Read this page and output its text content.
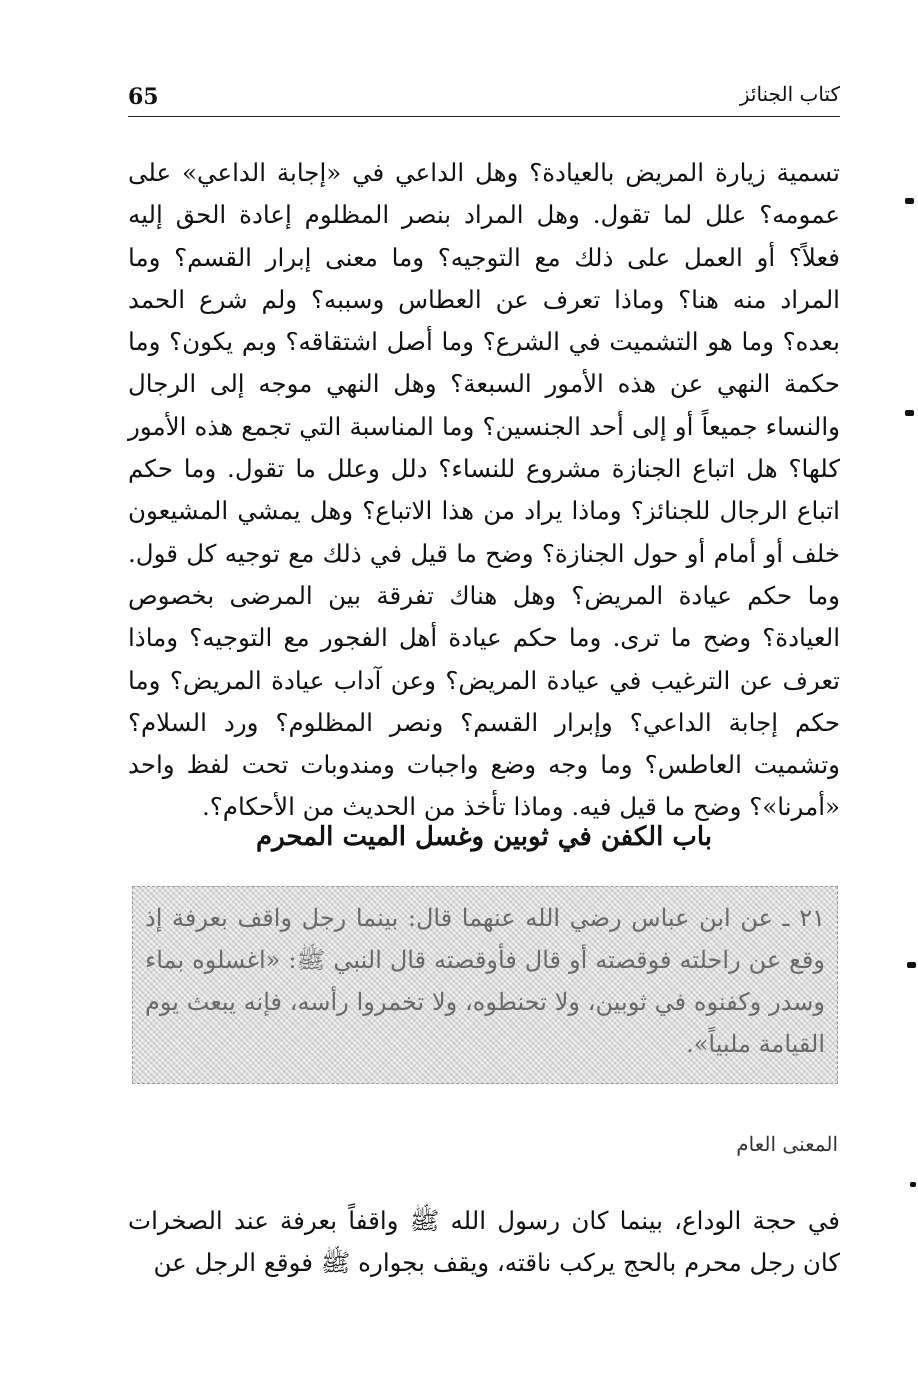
65	كتاب الجنائز

تسمية زيارة المريض بالعيادة؟ وهل الداعي في «إجابة الداعي» على عمومه؟ علل لما تقول. وهل المراد بنصر المظلوم إعادة الحق إليه فعلاً؟ أو العمل على ذلك مع التوجيه؟ وما معنى إبرار القسم؟ وما المراد منه هنا؟ وماذا تعرف عن العطاس وسببه؟ ولم شرع الحمد بعده؟ وما هو التشميت في الشرع؟ وما أصل اشتقاقه؟ وبم يكون؟ وما حكمة النهي عن هذه الأمور السبعة؟ وهل النهي موجه إلى الرجال والنساء جميعاً أو إلى أحد الجنسين؟ وما المناسبة التي تجمع هذه الأمور كلها؟ هل اتباع الجنازة مشروع للنساء؟ دلل وعلل ما تقول. وما حكم اتباع الرجال للجنائز؟ وماذا يراد من هذا الاتباع؟ وهل يمشي المشيعون خلف أو أمام أو حول الجنازة؟ وضح ما قيل في ذلك مع توجيه كل قول. وما حكم عيادة المريض؟ وهل هناك تفرقة بين المرضى بخصوص العيادة؟ وضح ما ترى. وما حكم عيادة أهل الفجور مع التوجيه؟ وماذا تعرف عن الترغيب في عيادة المريض؟ وعن آداب عيادة المريض؟ وما حكم إجابة الداعي؟ وإبرار القسم؟ ونصر المظلوم؟ ورد السلام؟ وتشميت العاطس؟ وما وجه وضع واجبات ومندوبات تحت لفظ واحد «أمرنا»؟ وضح ما قيل فيه. وماذا تأخذ من الحديث من الأحكام؟.

باب الكفن في ثوبين وغسل الميت المحرم

٢١ ـ عن ابن عباس رضي الله عنهما قال: بينما رجل واقف بعرفة إذ وقع عن راحلته فوقصته أو قال فأوقصته قال النبي ﷺ: «اغسلوه بماء وسدر وكفنوه في ثوبين، ولا تحنطوه، ولا تخمروا رأسه، فإنه يبعث يوم القيامة ملبياً».

المعنى العام

في حجة الوداع، بينما كان رسول الله ﷺ واقفاً بعرفة عند الصخرات كان رجل محرم بالحج يركب ناقته، ويقف بجواره ﷺ فوقع الرجل عن
